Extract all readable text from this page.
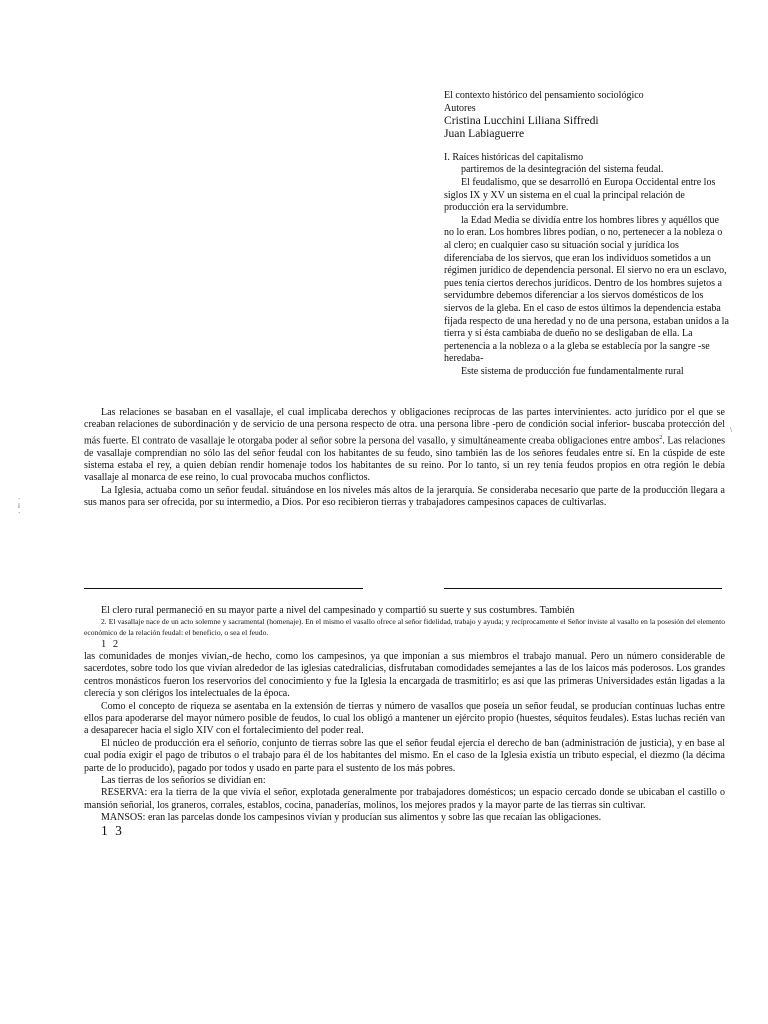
El contexto histórico del pensamiento sociológico

Autores

Cristina Lucchini Liliana Siffredi

Juan Labiaguerre

I. Raíces históricas del capitalismo

partiremos de la desintegración del sistema feudal.

El feudalismo, que se desarrolló en Europa Occidental entre los siglos IX y XV un sistema en el cual la principal relación de producción era la servidumbre.

la Edad Media se dividía entre los hombres libres y aquéllos que no lo eran. Los hombres libres podían, o no, pertenecer a la nobleza o al clero; en cualquier caso su situación social y jurídica los diferenciaba de los siervos, que eran los individuos sometidos a un régimen jurídico de dependencia personal. El siervo no era un esclavo, pues tenía ciertos derechos jurídicos. Dentro de los hombres sujetos a servidumbre debemos diferenciar a los siervos domésticos de los siervos de la gleba. En el caso de estos últimos la dependencia estaba fijada respecto de una heredad y no de una persona, estaban unidos a la tierra y si ésta cambiaba de dueño no se desligaban de ella. La pertenencia a la nobleza o a la gleba se establecía por la sangre -se heredaba-

Este sistema de producción fue fundamentalmente rural

Las relaciones se basaban en el vasallaje, el cual implicaba derechos y obligaciones recíprocas de las partes intervinientes. acto jurídico por el que se creaban relaciones de subordinación y de servicio de una persona respecto de otra. una persona libre -pero de condición social inferior- buscaba protección del más fuerte. El contrato de vasallaje le otorgaba poder al señor sobre la persona del vasallo, y simultáneamente creaba obligaciones entre ambos$^2$. Las relaciones de vasallaje comprendían no sólo las del señor feudal con los habitantes de su feudo, sino también las de los señores feudales entre sí. En la cúspide de este sistema estaba el rey, a quien debían rendir homenaje todos los habitantes de su reino. Por lo tanto, si un rey tenía feudos propios en otra región le debía vasallaje al monarca de ese reino, lo cual provocaba muchos conflictos.

La Iglesia, actuaba como un señor feudal. situándose en los niveles más altos de la jerarquía. Se consideraba necesario que parte de la producción llegara a sus manos para ser ofrecida, por su intermedio, a Dios. Por eso recibieron tierras y trabajadores campesinos capaces de cultivarlas.

\
·
i
·

El clero rural permaneció en su mayor parte a nivel del campesinado y compartió su suerte y sus costumbres. También

2. El vasallaje nace de un acto solemne y sacramental (homenaje). En el mismo el vasallo ofrece al señor fidelidad, trabajo y ayuda; y recíprocamente el Señor inviste al vasallo en la posesión del elemento económico de la relación feudal: el beneficio, o sea el feudo.

1 2

las comunidades de monjes vivían,-de hecho, como los campesinos, ya que imponían a sus miembros el trabajo manual. Pero un número considerable de sacerdotes, sobre todo los que vivían alrededor de las iglesias catedralicias, disfrutaban comodidades semejantes a las de los laicos más poderosos. Los grandes centros monásticos fueron los reservorios del conocimiento y fue la Iglesia la encargada de trasmitirlo; es así que las primeras Universidades están ligadas a la clerecía y son clérigos los intelectuales de la época.

Como el concepto de riqueza se asentaba en la extensión de tierras y número de vasallos que poseía un señor feudal, se producían contínuas luchas entre ellos para apoderarse del mayor número posible de feudos, lo cual los obligó a mantener un ejército propio (huestes, séquitos feudales). Estas luchas recién van a desaparecer hacia el siglo XIV con el fortalecimiento del poder real.

El núcleo de producción era el señorío, conjunto de tierras sobre las que el señor feudal ejercía el derecho de ban (administración de justicia), y en base al cual podía exigir el pago de tributos o el trabajo para él de los habitantes del mismo. En el caso de la Iglesia existía un tributo especial, el diezmo (la décima parte de lo producido), pagado por todos y usado en parte para el sustento de los más pobres.

Las tierras de los señoríos se dividían en:

RESERVA: era la tierra de la que vivía el señor, explotada generalmente por trabajadores domésticos; un espacio cercado donde se ubicaban el castillo o mansión señorial, los graneros, corrales, establos, cocina, panaderías, molinos, los mejores prados y la mayor parte de las tierras sin cultivar.

MANSOS: eran las parcelas donde los campesinos vivían y producían sus alimentos y sobre las que recaían las obligaciones.

1 3
